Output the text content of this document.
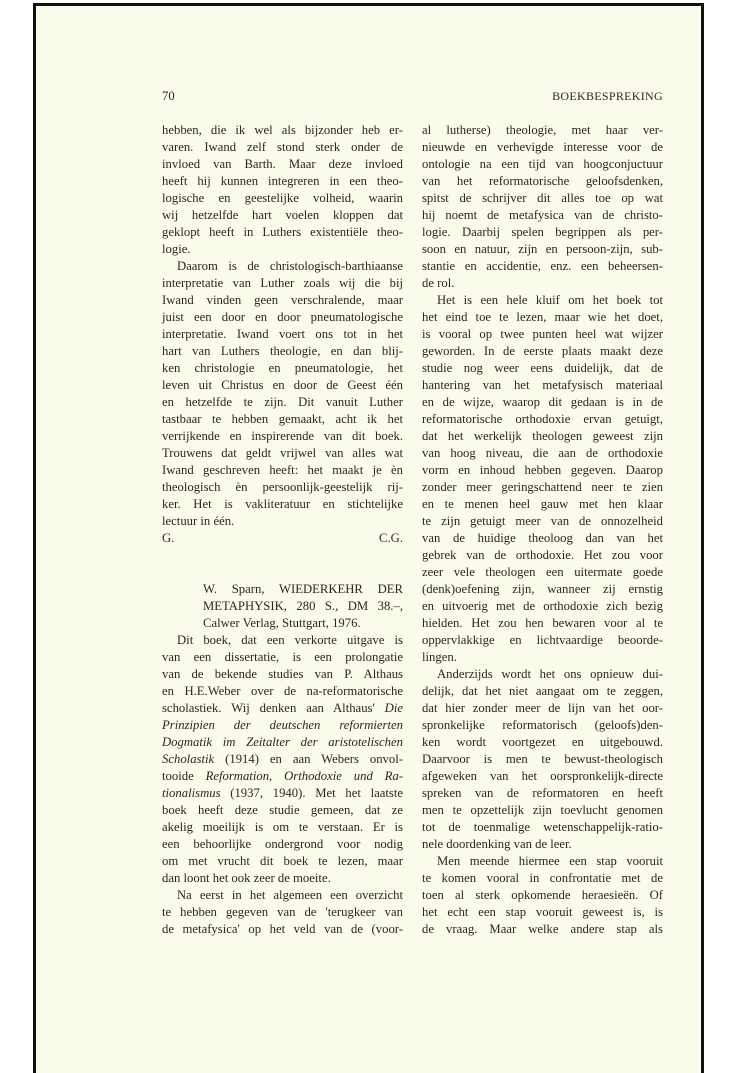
70	BOEKBESPREKING
hebben, die ik wel als bijzonder heb er-
varen. Iwand zelf stond sterk onder de
invloed van Barth. Maar deze invloed
heeft hij kunnen integreren in een theo-
logische en geestelijke volheid, waarin
wij hetzelfde hart voelen kloppen dat
geklopt heeft in Luthers existentiële theo-
logie.
Daarom is de christologisch-barthiaanse
interpretatie van Luther zoals wij die bij
Iwand vinden geen verschralende, maar
juist een door en door pneumatologische
interpretatie. Iwand voert ons tot in het
hart van Luthers theologie, en dan blij-
ken christologie en pneumatologie, het
leven uit Christus en door de Geest één
en hetzelfde te zijn. Dit vanuit Luther
tastbaar te hebben gemaakt, acht ik het
verrijkende en inspirerende van dit boek.
Trouwens dat geldt vrijwel van alles wat
Iwand geschreven heeft: het maakt je èn
theologisch èn persoonlijk-geestelijk rij-
ker. Het is vakliteratuur en stichtelijke
lectuur in één.
G.	C.G.
W. Sparn, WIEDERKEHR DER
METAPHYSIK, 280 S., DM 38.–,
Calwer Verlag, Stuttgart, 1976.
Dit boek, dat een verkorte uitgave is
van een dissertatie, is een prolongatie
van de bekende studies van P. Althaus
en H.E.Weber over de na-reformatorische
scholastiek. Wij denken aan Althaus' Die
Prinzipien der deutschen reformierten
Dogmatik im Zeitalter der aristotelischen
Scholastik (1914) en aan Webers onvol-
tooide Reformation, Orthodoxie und Ra-
tionalismus (1937, 1940). Met het laatste
boek heeft deze studie gemeen, dat ze
akelig moeilijk is om te verstaan. Er is
een behoorlijke ondergrond voor nodig
om met vrucht dit boek te lezen, maar
dan loont het ook zeer de moeite.
Na eerst in het algemeen een overzicht
te hebben gegeven van de 'terugkeer van
de metafysica' op het veld van de (voor-
al lutherse) theologie, met haar ver-
nieuwde en verhevigde interesse voor de
ontologie na een tijd van hoogconjuctuur
van het reformatorische geloofsdenken,
spitst de schrijver dit alles toe op wat
hij noemt de metafysica van de christo-
logie. Daarbij spelen begrippen als per-
soon en natuur, zijn en persoon-zijn, sub-
stantie en accidentie, enz. een beheersen-
de rol.
Het is een hele kluif om het boek tot
het eind toe te lezen, maar wie het doet,
is vooral op twee punten heel wat wijzer
geworden. In de eerste plaats maakt deze
studie nog weer eens duidelijk, dat de
hantering van het metafysisch materiaal
en de wijze, waarop dit gedaan is in de
reformatorische orthodoxie ervan getuigt,
dat het werkelijk theologen geweest zijn
van hoog niveau, die aan de orthodoxie
vorm en inhoud hebben gegeven. Daarop
zonder meer geringschattend neer te zien
en te menen heel gauw met hen klaar
te zijn getuigt meer van de onnozelheid
van de huidige theoloog dan van het
gebrek van de orthodoxie. Het zou voor
zeer vele theologen een uitermate goede
(denk)oefening zijn, wanneer zij ernstig
en uitvoerig met de orthodoxie zich bezig
hielden. Het zou hen bewaren voor al te
oppervlakkige en lichtvaardige beoorde-
lingen.
Anderzijds wordt het ons opnieuw dui-
delijk, dat het niet aangaat om te zeggen,
dat hier zonder meer de lijn van het oor-
spronkelijke reformatorisch (geloofs)den-
ken wordt voortgezet en uitgebouwd.
Daarvoor is men te bewust-theologisch
afgeweken van het oorspronkelijk-directe
spreken van de reformatoren en heeft
men te opzettelijk zijn toevlucht genomen
tot de toenmalige wetenschappelijk-ratio-
nele doordenking van de leer.
Men meende hiermee een stap vooruit
te komen vooral in confrontatie met de
toen al sterk opkomende heraesieën. Of
het echt een stap vooruit geweest is, is
de vraag. Maar welke andere stap als
